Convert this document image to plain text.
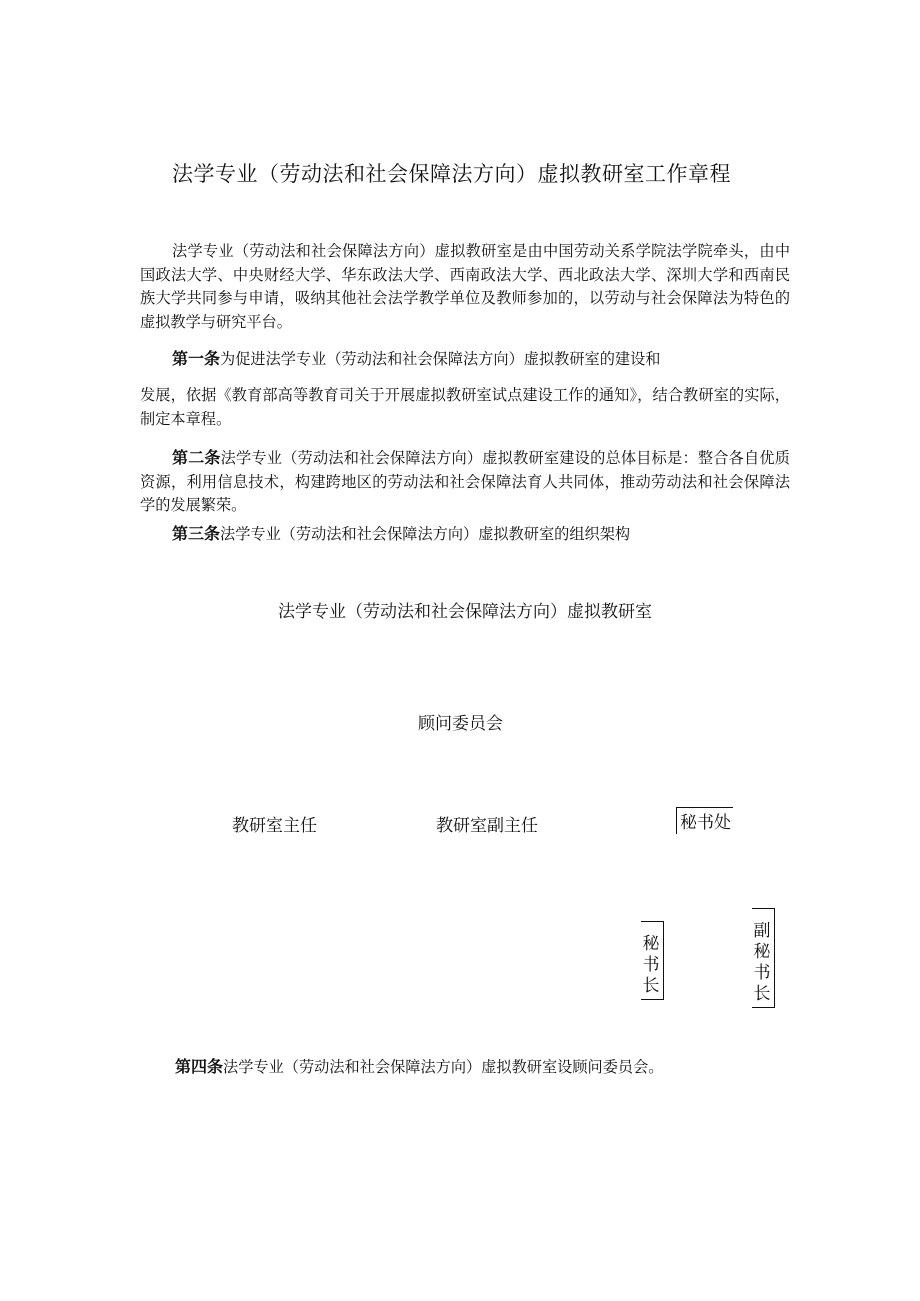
法学专业（劳动法和社会保障法方向）虚拟教研室工作章程
法学专业（劳动法和社会保障法方向）虚拟教研室是由中国劳动关系学院法学院牵头，由中国政法大学、中央财经大学、华东政法大学、西南政法大学、西北政法大学、深圳大学和西南民族大学共同参与申请，吸纳其他社会法学教学单位及教师参加的，以劳动与社会保障法为特色的虚拟教学与研究平台。
第一条为促进法学专业（劳动法和社会保障法方向）虚拟教研室的建设和
发展，依据《教育部高等教育司关于开展虚拟教研室试点建设工作的通知》，结合教研室的实际，制定本章程。
第二条法学专业（劳动法和社会保障法方向）虚拟教研室建设的总体目标是：整合各自优质资源，利用信息技术，构建跨地区的劳动法和社会保障法育人共同体，推动劳动法和社会保障法学的发展繁荣。
第三条法学专业（劳动法和社会保障法方向）虚拟教研室的组织架构
法学专业（劳动法和社会保障法方向）虚拟教研室
顾问委员会
教研室主任	教研室副主任	秘书处
秘书长
副秘书长
第四条法学专业（劳动法和社会保障法方向）虚拟教研室设顾问委员会。
